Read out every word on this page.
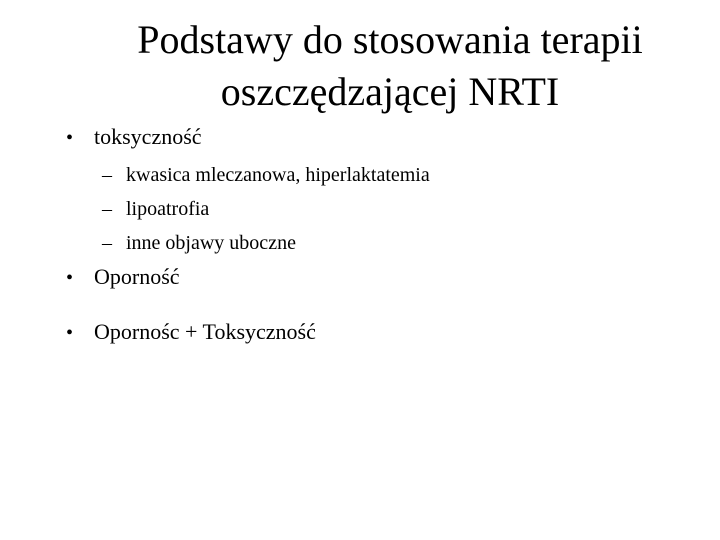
Podstawy do stosowania terapii
oszczędzającej NRTI
• toksyczność
– kwasica mleczanowa, hiperlaktatemia
– lipoatrofia
– inne objawy uboczne
• Oporność
• Opornośc + Toksyczność
